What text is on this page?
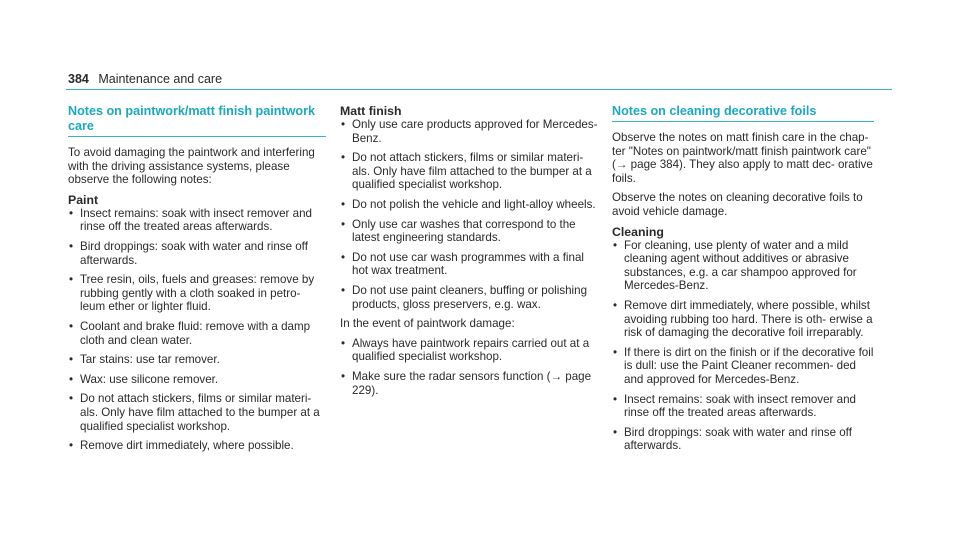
384 Maintenance and care
Notes on paintwork/matt finish paintwork care

To avoid damaging the paintwork and interfering with the driving assistance systems, please observe the following notes:

Paint
• Insect remains: soak with insect remover and rinse off the treated areas afterwards.
• Bird droppings: soak with water and rinse off afterwards.
• Tree resin, oils, fuels and greases: remove by rubbing gently with a cloth soaked in petro- leum ether or lighter fluid.
• Coolant and brake fluid: remove with a damp cloth and clean water.
• Tar stains: use tar remover.
• Wax: use silicone remover.
• Do not attach stickers, films or similar materi- als. Only have film attached to the bumper at a qualified specialist workshop.
• Remove dirt immediately, where possible.
Matt finish
• Only use care products approved for Mercedes-Benz.
• Do not attach stickers, films or similar materi- als. Only have film attached to the bumper at a qualified specialist workshop.
• Do not polish the vehicle and light-alloy wheels.
• Only use car washes that correspond to the latest engineering standards.
• Do not use car wash programmes with a final hot wax treatment.
• Do not use paint cleaners, buffing or polishing products, gloss preservers, e.g. wax.

In the event of paintwork damage:

• Always have paintwork repairs carried out at a qualified specialist workshop.
• Make sure the radar sensors function (→ page 229).
Notes on cleaning decorative foils

Observe the notes on matt finish care in the chap- ter "Notes on paintwork/matt finish paintwork care" (→ page 384). They also apply to matt dec- orative foils.

Observe the notes on cleaning decorative foils to avoid vehicle damage.

Cleaning
• For cleaning, use plenty of water and a mild cleaning agent without additives or abrasive substances, e.g. a car shampoo approved for Mercedes-Benz.
• Remove dirt immediately, where possible, whilst avoiding rubbing too hard. There is oth- erwise a risk of damaging the decorative foil irreparably.
• If there is dirt on the finish or if the decorative foil is dull: use the Paint Cleaner recommen- ded and approved for Mercedes-Benz.
• Insect remains: soak with insect remover and rinse off the treated areas afterwards.
• Bird droppings: soak with water and rinse off afterwards.
